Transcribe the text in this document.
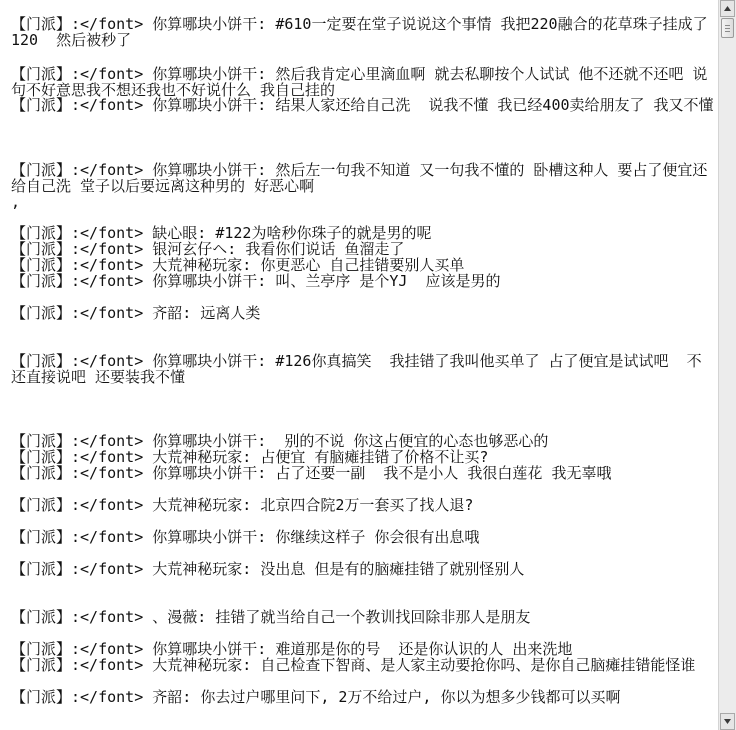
【门派】:</font> 你算哪块小饼干: #610一定要在堂子说说这个事情 我把220融合的花草珠子挂成了120  然后被秒了
【门派】:</font> 你算哪块小饼干: 然后我肯定心里滴血啊 就去私聊按个人试试 他不还就不还吧 说句不好意思我不想还我也不好说什么 我自己挂的
【门派】:</font> 你算哪块小饼干: 结果人家还给自己洗  说我不懂 我已经400卖给朋友了 我又不懂
【门派】:</font> 你算哪块小饼干: 然后左一句我不知道 又一句我不懂的 卧槽这种人 要占了便宜还给自己洗 堂子以后要远离这种男的 好恶心啊
,
【门派】:</font> 缺心眼: #122为啥秒你珠子的就是男的呢
【门派】:</font> 银河玄仔ヘ: 我看你们说话 鱼溜走了
【门派】:</font> 大荒神秘玩家: 你更恶心 自己挂错要别人买单
【门派】:</font> 你算哪块小饼干: 叫、兰亭序 是个YJ  应该是男的
【门派】:</font> 齐韶: 远离人类
【门派】:</font> 你算哪块小饼干: #126你真搞笑  我挂错了我叫他买单了 占了便宜是试试吧  不还直接说吧 还要装我不懂
【门派】:</font> 你算哪块小饼干:  别的不说 你这占便宜的心态也够恶心的
【门派】:</font> 大荒神秘玩家: 占便宜 有脑瘫挂错了价格不让买?
【门派】:</font> 你算哪块小饼干: 占了还要一副  我不是小人 我很白莲花 我无辜哦
【门派】:</font> 大荒神秘玩家: 北京四合院2万一套买了找人退?
【门派】:</font> 你算哪块小饼干: 你继续这样子 你会很有出息哦
【门派】:</font> 大荒神秘玩家: 没出息 但是有的脑瘫挂错了就别怪别人
【门派】:</font> 、漫薇: 挂错了就当给自己一个教训找回除非那人是朋友
【门派】:</font> 你算哪块小饼干: 难道那是你的号  还是你认识的人 出来洗地
【门派】:</font> 大荒神秘玩家: 自己检查下智商、是人家主动要抢你吗、是你自己脑瘫挂错能怪谁
【门派】:</font> 齐韶: 你去过户哪里问下, 2万不给过户, 你以为想多少钱都可以买啊
